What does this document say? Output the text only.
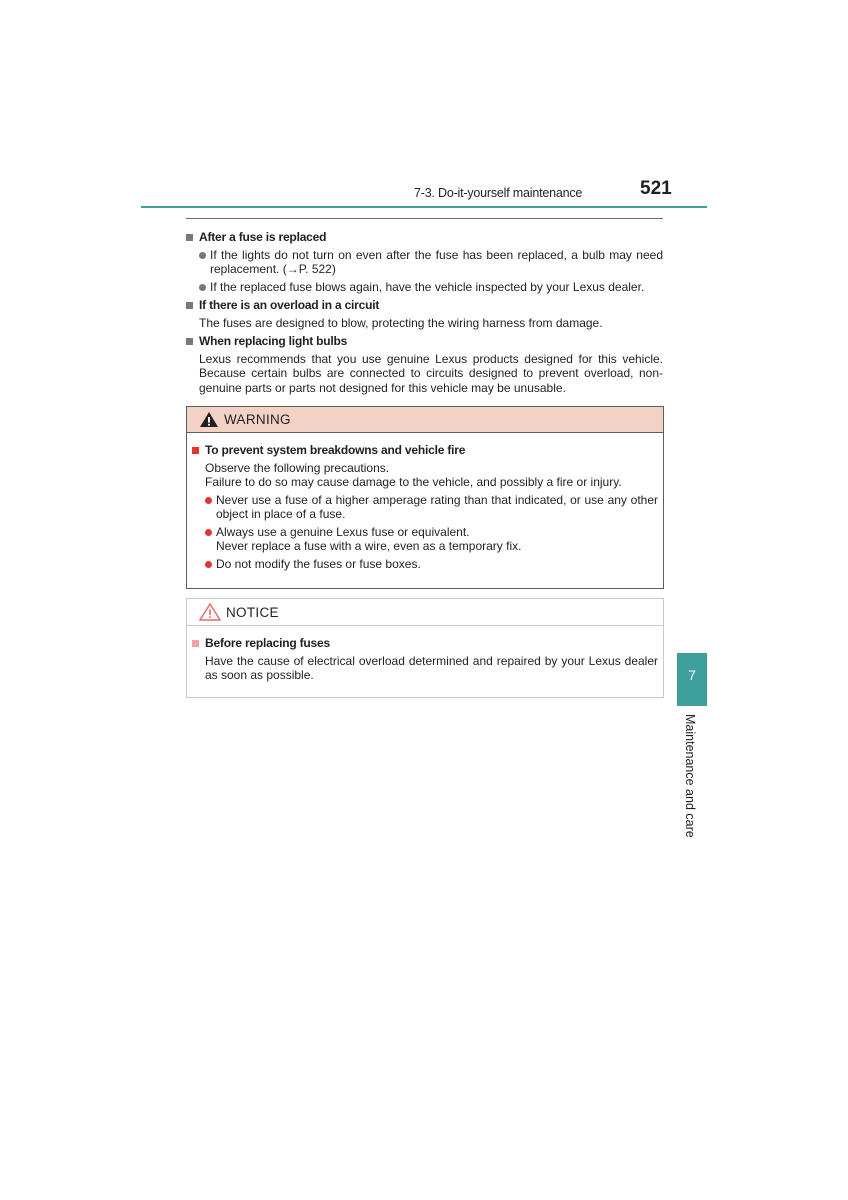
7-3. Do-it-yourself maintenance	521
After a fuse is replaced
If the lights do not turn on even after the fuse has been replaced, a bulb may need replacement. (→P. 522)
If the replaced fuse blows again, have the vehicle inspected by your Lexus dealer.
If there is an overload in a circuit
The fuses are designed to blow, protecting the wiring harness from damage.
When replacing light bulbs
Lexus recommends that you use genuine Lexus products designed for this vehicle. Because certain bulbs are connected to circuits designed to prevent overload, non-genuine parts or parts not designed for this vehicle may be unusable.
WARNING
To prevent system breakdowns and vehicle fire
Observe the following precautions.
Failure to do so may cause damage to the vehicle, and possibly a fire or injury.
Never use a fuse of a higher amperage rating than that indicated, or use any other object in place of a fuse.
Always use a genuine Lexus fuse or equivalent.
Never replace a fuse with a wire, even as a temporary fix.
Do not modify the fuses or fuse boxes.
NOTICE
Before replacing fuses
Have the cause of electrical overload determined and repaired by your Lexus dealer as soon as possible.	7
Maintenance and care
